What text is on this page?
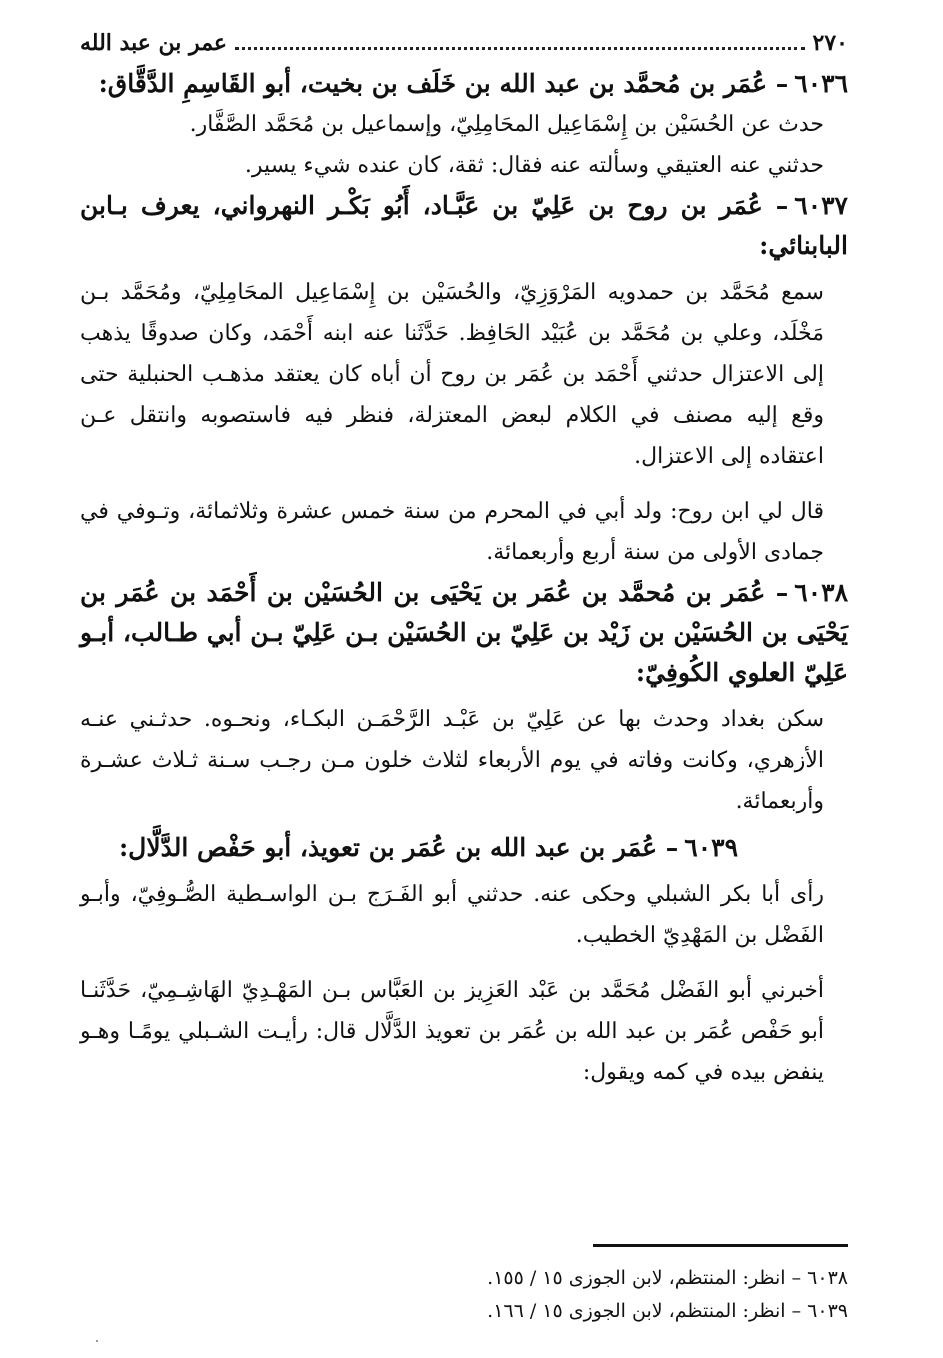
٢٧٠
عمر بن عبد الله

٦٠٣٦– عُمَر بن مُحمَّد بن عبد الله بن خَلَف بن بخيت، أبو القَاسِمِ الدَّقَّاق:

حدث عن الحُسَيْن بن إِسْمَاعِيل المحَامِلِيّ، وإسماعيل بن مُحَمَّد الصَّفَّار.

حدثني عنه العتيقي وسألته عنه فقال: ثقة، كان عنده شيء يسير.

٦٠٣٧– عُمَر بن روح بن عَلِيّ بن عَبَّـاد، أَبُو بَكْـر النهرواني، يعرف بـابن البابنائي:

سمع مُحَمَّد بن حمدويه المَرْوَزِيّ، والحُسَيْن بن إِسْمَاعِيل المحَامِلِيّ، ومُحَمَّد بـن مَخْلَد، وعلي بن مُحَمَّد بن عُبَيْد الحَافِظ. حَدَّثَنا عنه ابنه أَحْمَد، وكان صدوقًا يذهب إلى الاعتزال حدثني أَحْمَد بن عُمَر بن روح أن أباه كان يعتقد مذهـب الحنبلية حتى وقع إليه مصنف في الكلام لبعض المعتزلة، فنظر فيه فاستصوبه وانتقل عـن اعتقاده إلى الاعتزال.

قال لي ابن روح: ولد أبي في المحرم من سنة خمس عشرة وثلاثمائة، وتـوفي في جمادى الأولى من سنة أربع وأربعمائة.

٦٠٣٨– عُمَر بن مُحمَّد بن عُمَر بن يَحْيَى بن الحُسَيْن بن أَحْمَد بن عُمَر بن يَحْيَى بن الحُسَيْن بن زَيْد بن عَلِيّ بن الحُسَيْن بـن عَلِيّ بـن أبي طـالب، أبـو عَلِيّ العلوي الكُوفِيّ:

سكن بغداد وحدث بها عن عَلِيّ بن عَبْـد الرَّحْمَـن البكـاء، ونحـوه. حدثـني عنـه الأزهري، وكانت وفاته في يوم الأربعاء لثلاث خلون مـن رجـب سـنة ثـلاث عشـرة وأربعمائة.

٦٠٣٩– عُمَر بن عبد الله بن عُمَر بن تعويذ، أبو حَفْص الدَّلَّال:

رأى أبا بكر الشبلي وحكى عنه. حدثني أبو الفَـرَج بـن الواسـطية الصُّـوفِيّ، وأبـو الفَضْل بن المَهْدِيّ الخطيب.

أخبرني أبو الفَضْل مُحَمَّد بن عَبْد العَزِيز بن العَبَّاس بـن المَهْـدِيّ الهَاشِـمِيّ، حَدَّثَنـا أبو حَفْص عُمَر بن عبد الله بن عُمَر بن تعويذ الدَّلَّال قال: رأيـت الشـبلي يومًـا وهـو ينفض بيده في كمه ويقول:

٦٠٣٨ – انظر: المنتظم، لابن الجوزى ١٥ / ١٥٥.
٦٠٣٩ – انظر: المنتظم، لابن الجوزى ١٥ / ١٦٦.
